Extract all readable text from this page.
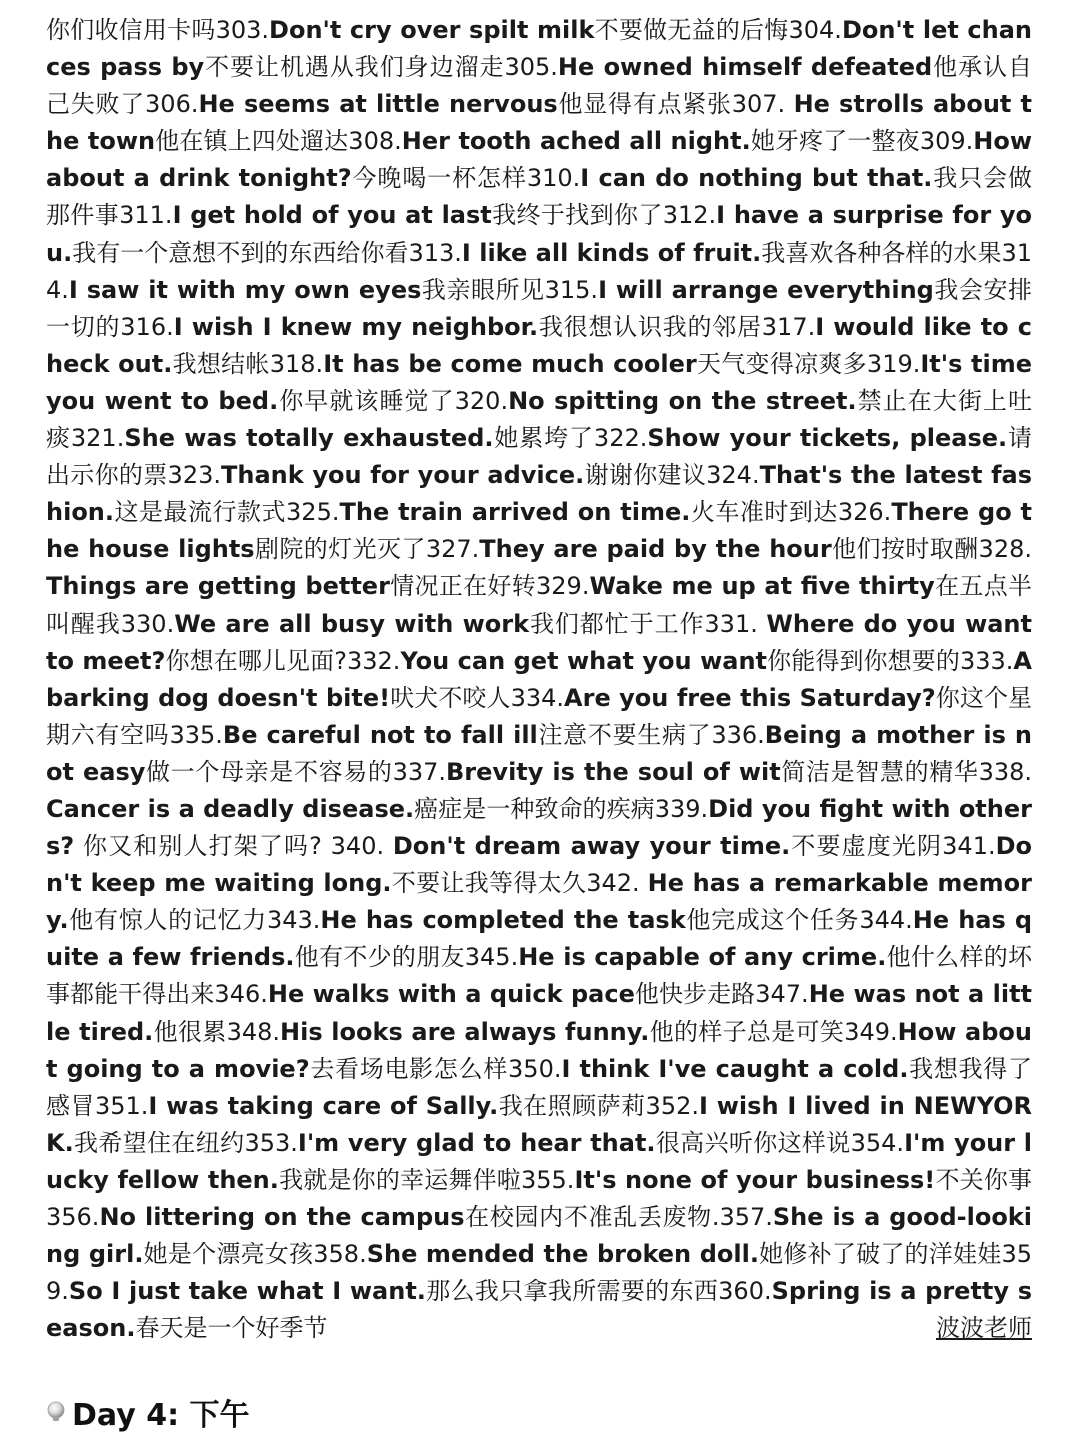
你们收信用卡吗303.Don't cry over spilt milk不要做无益的后悔304.Don't let chances pass by不要让机遇从我们身边溜走305.He owned himself defeated他承认自己失败了306.He seems at little nervous他显得有点紧张307. He strolls about the town他在镇上四处遛达308.Her tooth ached all night.她牙疼了一整夜309.How about a drink tonight?今晚喝一杯怎样310.I can do nothing but that.我只会做那件事311.I get hold of you at last我终于找到你了312.I have a surprise for you.我有一个意想不到的东西给你看313.I like all kinds of fruit.我喜欢各种各样的水果314.I saw it with my own eyes我亲眼所见315.I will arrange everything我会安排一切的316.I wish I knew my neighbor.我很想认识我的邻居317.I would like to check out.我想结帐318.It has be come much cooler天气变得凉爽多319.It's time you went to bed.你早就该睡觉了320.No spitting on the street.禁止在大街上吐痰321.She was totally exhausted.她累垮了322.Show your tickets, please.请出示你的票323.Thank you for your advice.谢谢你建议324.That's the latest fashion.这是最流行款式325.The train arrived on time.火车准时到达326.There go the house lights剧院的灯光灭了327.They are paid by the hour他们按时取酬328.Things are getting better情况正在好转329.Wake me up at five thirty在五点半叫醒我330.We are all busy with work我们都忙于工作331. Where do you want to meet?你想在哪儿见面?332.You can get what you want你能得到你想要的333.A barking dog doesn't bite!吠犬不咬人334.Are you free this Saturday?你这个星期六有空吗335.Be careful not to fall ill注意不要生病了336.Being a mother is not easy做一个母亲是不容易的337.Brevity is the soul of wit简洁是智慧的精华338.Cancer is a deadly disease.癌症是一种致命的疾病339.Did you fight with others? 你又和别人打架了吗? 340. Don't dream away your time.不要虚度光阴341.Don't keep me waiting long.不要让我等得太久342. He has a remarkable memory.他有惊人的记忆力343.He has completed the task他完成这个任务344.He has quite a few friends.他有不少的朋友345.He is capable of any crime.他什么样的坏事都能干得出来346.He walks with a quick pace他快步走路347.He was not a little tired.他很累348.His looks are always funny.他的样子总是可笑349.How about going to a movie?去看场电影怎么样350.I think I've caught a cold.我想我得了感冒351.I was taking care of Sally.我在照顾萨莉352.I wish I lived in NEWYORK.我希望住在纽约353.I'm very glad to hear that.很高兴听你这样说354.I'm your lucky fellow then.我就是你的幸运舞伴啦355.It's none of your business!不关你事356.No littering on the campus在校园内不准乱丢废物.357.She is a good-looking girl.她是个漂亮女孩358.She mended the broken doll.她修补了破了的洋娃娃359.So I just take what I want.那么我只拿我所需要的东西360.Spring is a pretty season.春天是一个好季节	波波老师

Day 4: 下午
